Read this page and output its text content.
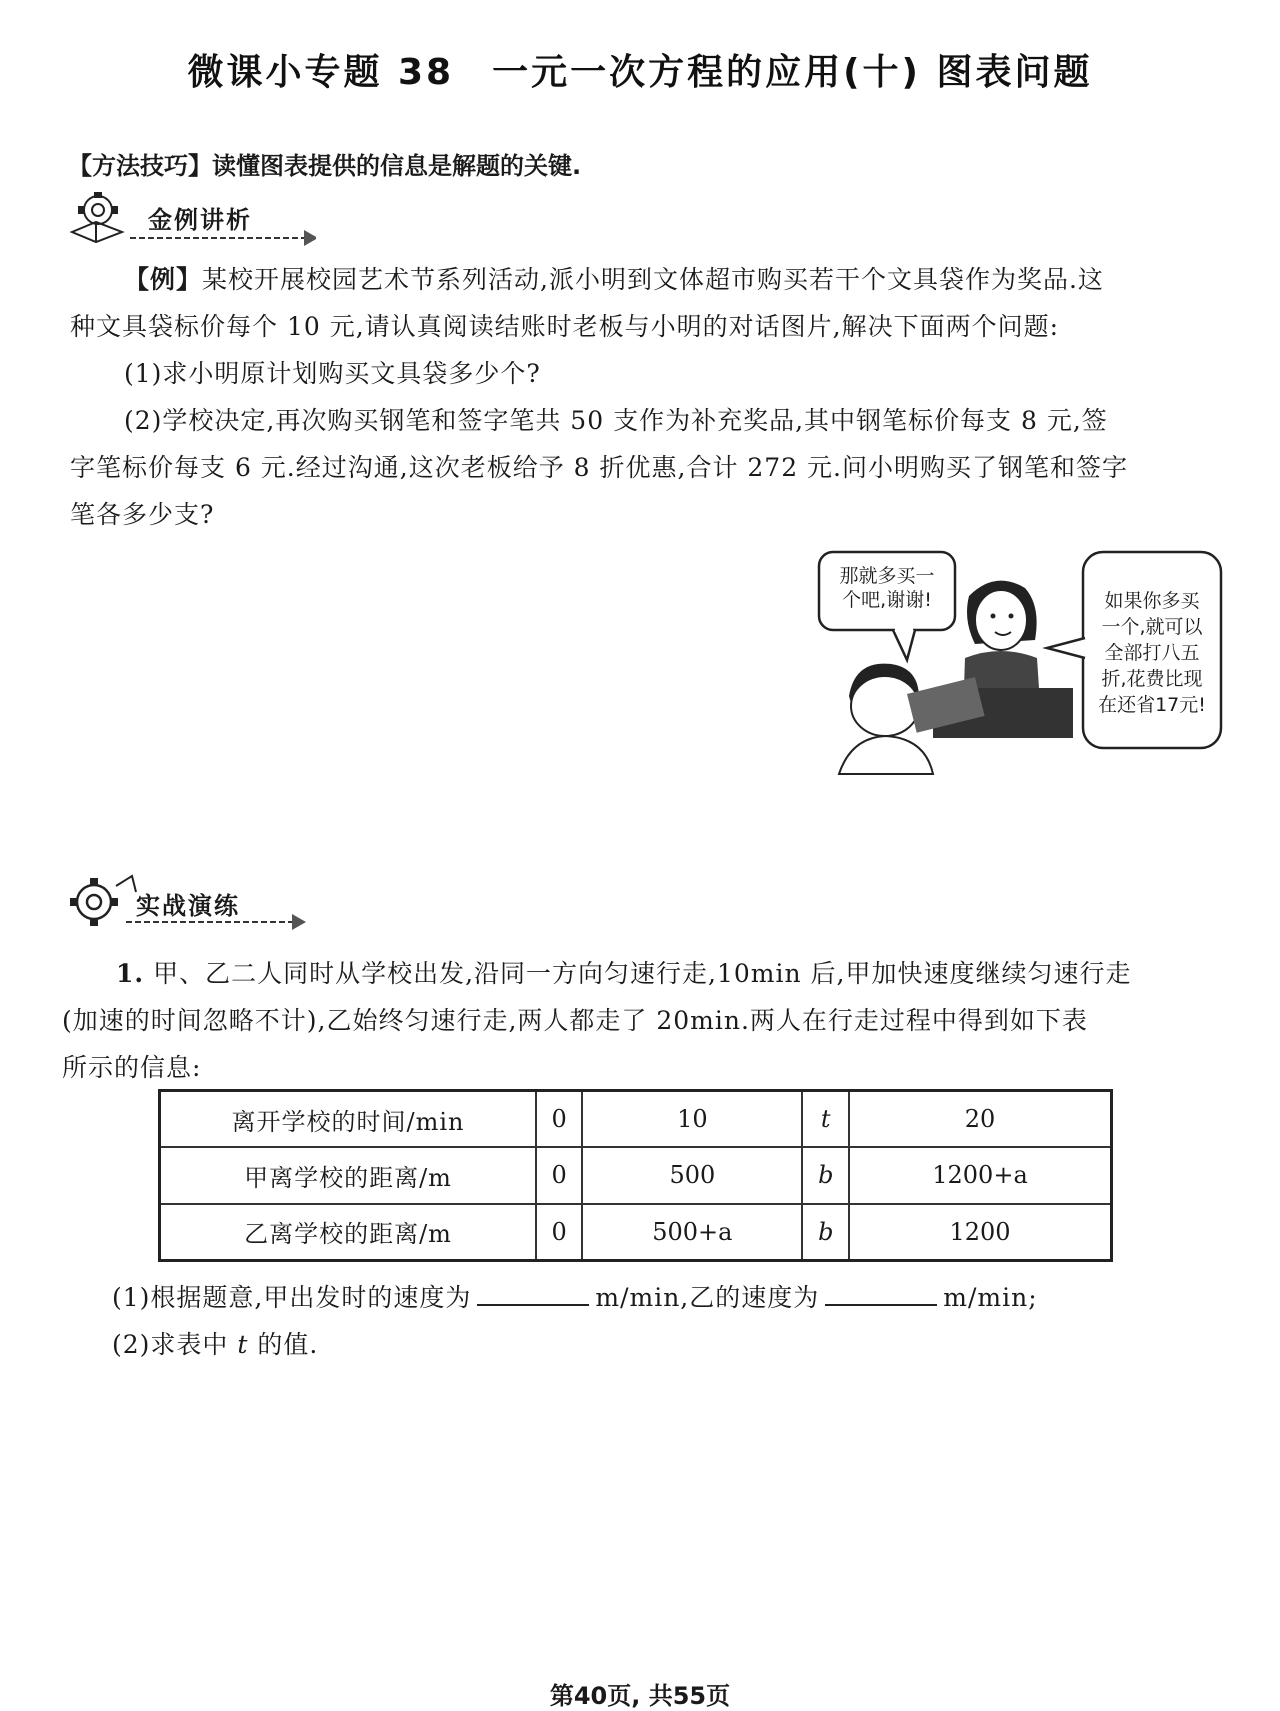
微课小专题 38 一元一次方程的应用(十) 图表问题
【方法技巧】读懂图表提供的信息是解题的关键.
金例讲析
【例】某校开展校园艺术节系列活动,派小明到文体超市购买若干个文具袋作为奖品.这
种文具袋标价每个 10 元,请认真阅读结账时老板与小明的对话图片,解决下面两个问题:
(1)求小明原计划购买文具袋多少个?
(2)学校决定,再次购买钢笔和签字笔共 50 支作为补充奖品,其中钢笔标价每支 8 元,签
字笔标价每支 6 元.经过沟通,这次老板给予 8 折优惠,合计 272 元.问小明购买了钢笔和签字
笔各多少支?
那就多买一
个吧,谢谢!	如果你多买
一个,就可以
全部打八五
折,花费比现
在还省17元!
实战演练
1. 甲、乙二人同时从学校出发,沿同一方向匀速行走,10min 后,甲加快速度继续匀速行走
(加速的时间忽略不计),乙始终匀速行走,两人都走了 20min.两人在行走过程中得到如下表
所示的信息:
离开学校的时间/min	0	10	t	20
甲离学校的距离/m	0	500	b	1200+a
乙离学校的距离/m	0	500+a	b	1200
(1)根据题意,甲出发时的速度为	m/min,乙的速度为	m/min;
(2)求表中 t 的值.
第40页, 共55页
